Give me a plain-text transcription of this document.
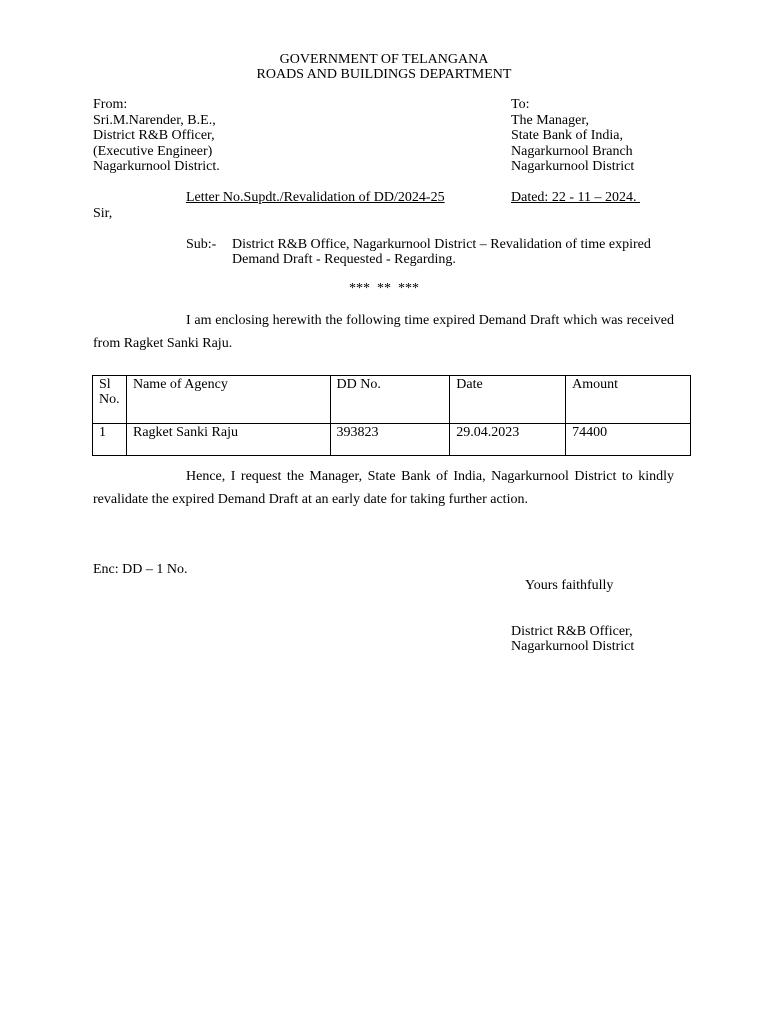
GOVERNMENT OF TELANGANA
ROADS AND BUILDINGS DEPARTMENT
From:
Sri.M.Narender, B.E.,
District R&B Officer,
(Executive Engineer)
Nagarkurnool District.
To:
The Manager,
State Bank of India,
Nagarkurnool Branch
Nagarkurnool District
Letter No.Supdt./Revalidation of DD/2024-25	Dated: 22 - 11 – 2024.
Sir,
Sub:- District R&B Office, Nagarkurnool District – Revalidation of time expired
Demand Draft - Requested - Regarding.
***  **  ***
I am enclosing herewith the following time expired Demand Draft which was received from Ragket Sanki Raju.
Sl No.	Name of Agency	DD No.	Date	Amount
1	Ragket Sanki Raju	393823	29.04.2023	74400
Hence, I request the Manager, State Bank of India, Nagarkurnool District to kindly revalidate the expired Demand Draft at an early date for taking further action.
Enc: DD – 1 No.
Yours faithfully
District R&B Officer,
Nagarkurnool District
